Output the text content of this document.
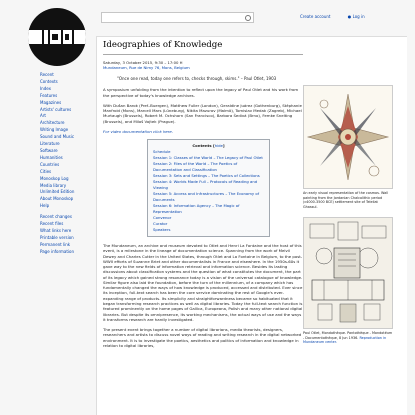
Create account	● Log in
Recent
Contexts
Index
Features
Magazines
Artists' cultures
Art
Architecture
Writing Image
Sound and Music
Literature
Software
Humanities
Countries
Cities
Monoskop Log
Media library
Unlimited Edition
About Monoskop
Help
Recent changes
Recent files
What links here
Printable version
Permanent link
Page information
Ideographies of Knowledge
Saturday, 3 October 2015, 9:30 – 17:00 H
Mundaneum, Rue de Nimy 76, Mons, Belgium
"Once one read, today one refers to, checks through, skims." – Paul Otlet, 1903

A symposium unfolding from the intention to reflect upon the legacy of Paul Otlet and his work from the perspective of today's knowledge archives.

With Dušan Barok (Pref–Buergen), Matthew Fuller (London), Geraldine Juárez (Gothenburg), Stéphanie Manfroid (Mons), Marcell Mars (Lüneburg), Nikita Mazurov (Malmö), Tomislav Medak (Zagreb), Michael Murtaugh (Brussels), Robert M. Ochshorn (San Francisco), Barbora Šedivá (Brno), Femke Snelting (Brussels), and Miloš Vojtek (Prague).

For video documentation click here.

Contents [hide]
Schedule
Session 1: Classes of the World – The Legacy of Paul Otlet
Session 2: Files of the World – The Poetics of Documentation and Classification
Session 3: Sets and Settings – The Poetics of Collections
Session 4: Worlds Made Full – Protocols of Reading and Viewing
Session 5: Access and Infrastructures – The Economy of Documents
Session 6: Information Agency – The Magic of Representation
Convenor
Curator
Speakers

The Mundaneum, an archive and museum devoted to Otlet and Henri La Fontaine and the host of this event, is a milestone in the lineage of documentation science. Spanning from the work of Melvil Dewey and Charles Cutter in the United States, through Otlet and La Fontaine in Belgium, to the post-WWII efforts of Suzanne Briet and other documentalists in France and elsewhere. In the 1950s-60s it gave way to the new fields of information retrieval and information science. Besides its lasting discussions about classification systems and the question of what constitutes the document, the part of its legacy which gained strong resonance today is a vision of the universal catalogue of knowledge. Similar figure also laid the foundation, before the turn of the millennium, of a company which has fundamentally changed the ways of how knowledge is produced, accessed and distributed. Ever since its inception, full-text search has been the core service dominating the rest of Google's ever-expanding range of products. Its simplicity and straightforwardness became so habituated that it began transforming research practices as well as digital libraries. Today the full-text search function is featured prominently on the home pages of Gallica, Europeana, Polish and many other national digital libraries. But despite its omnipresence, its working mechanisms, the actual ways of use and the ways it transforms research are hardly investigated.

The present event brings together a number of digital librarians, media theorists, designers, researchers and artists to discuss novel ways of reading and writing research in the digital networked environment. It is to investigate the poetics, aesthetics and politics of information and knowledge in relation to digital libraries,

An early visual representation of the cosmos. Wall painting from the Jordanian Chalcolithic period (c4000-3500 BCE) settlement site of Teleilat Ghassul.
Paul Otlet, Mondothèque. Pantothèque - Mondotéum - Documentothèque, 8 Jun 1936. Reproduction in Mundaneum center.
